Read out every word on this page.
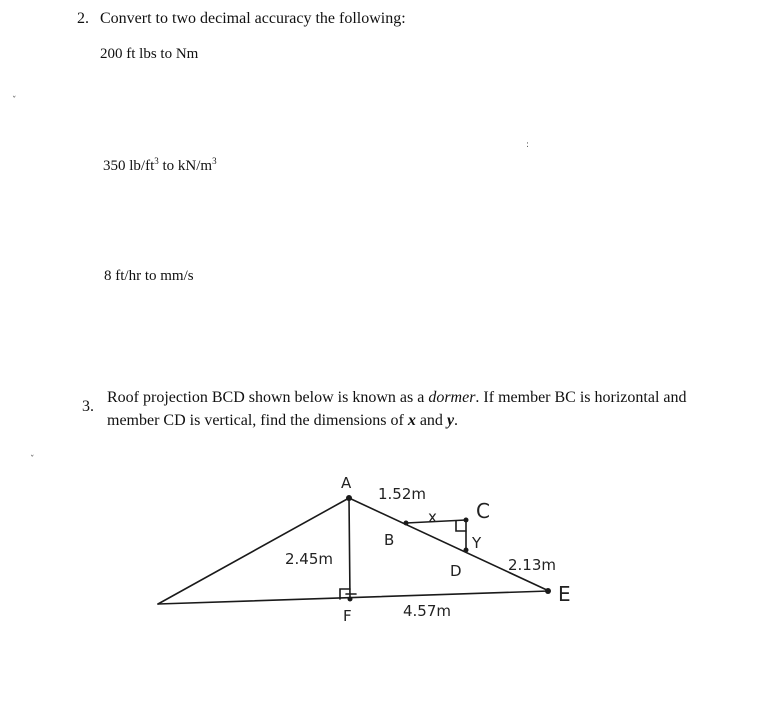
2. Convert to two decimal accuracy the following:
200 ft lbs to Nm
350 $lb/ft^3$ to $kN/m^3$
8 ft/hr to mm/s
3.
Roof projection BCD shown below is known as a dormer. If member BC is horizontal and
member CD is vertical, find the dimensions of x and y.
ˇ
ˇ
:
A
B
C
D
E
F
x
Y
1.52m
2.45m	2.13m
4.57m
